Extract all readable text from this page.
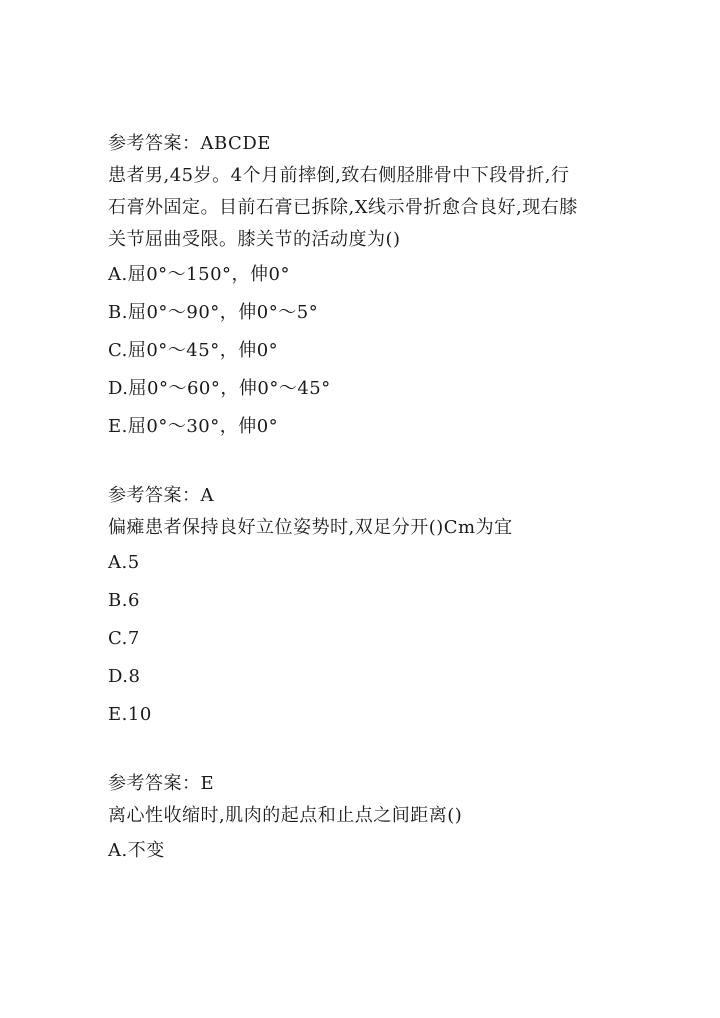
参考答案：ABCDE
患者男,45岁。4个月前摔倒,致右侧胫腓骨中下段骨折,行
石膏外固定。目前石膏已拆除,X线示骨折愈合良好,现右膝
关节屈曲受限。膝关节的活动度为()
A.屈0°～150°，伸0°
B.屈0°～90°，伸0°～5°
C.屈0°～45°，伸0°
D.屈0°～60°，伸0°～45°
E.屈0°～30°，伸0°
参考答案：A
偏瘫患者保持良好立位姿势时,双足分开()Cm为宜
A.5
B.6
C.7
D.8
E.10
参考答案：E
离心性收缩时,肌肉的起点和止点之间距离()
A.不变
